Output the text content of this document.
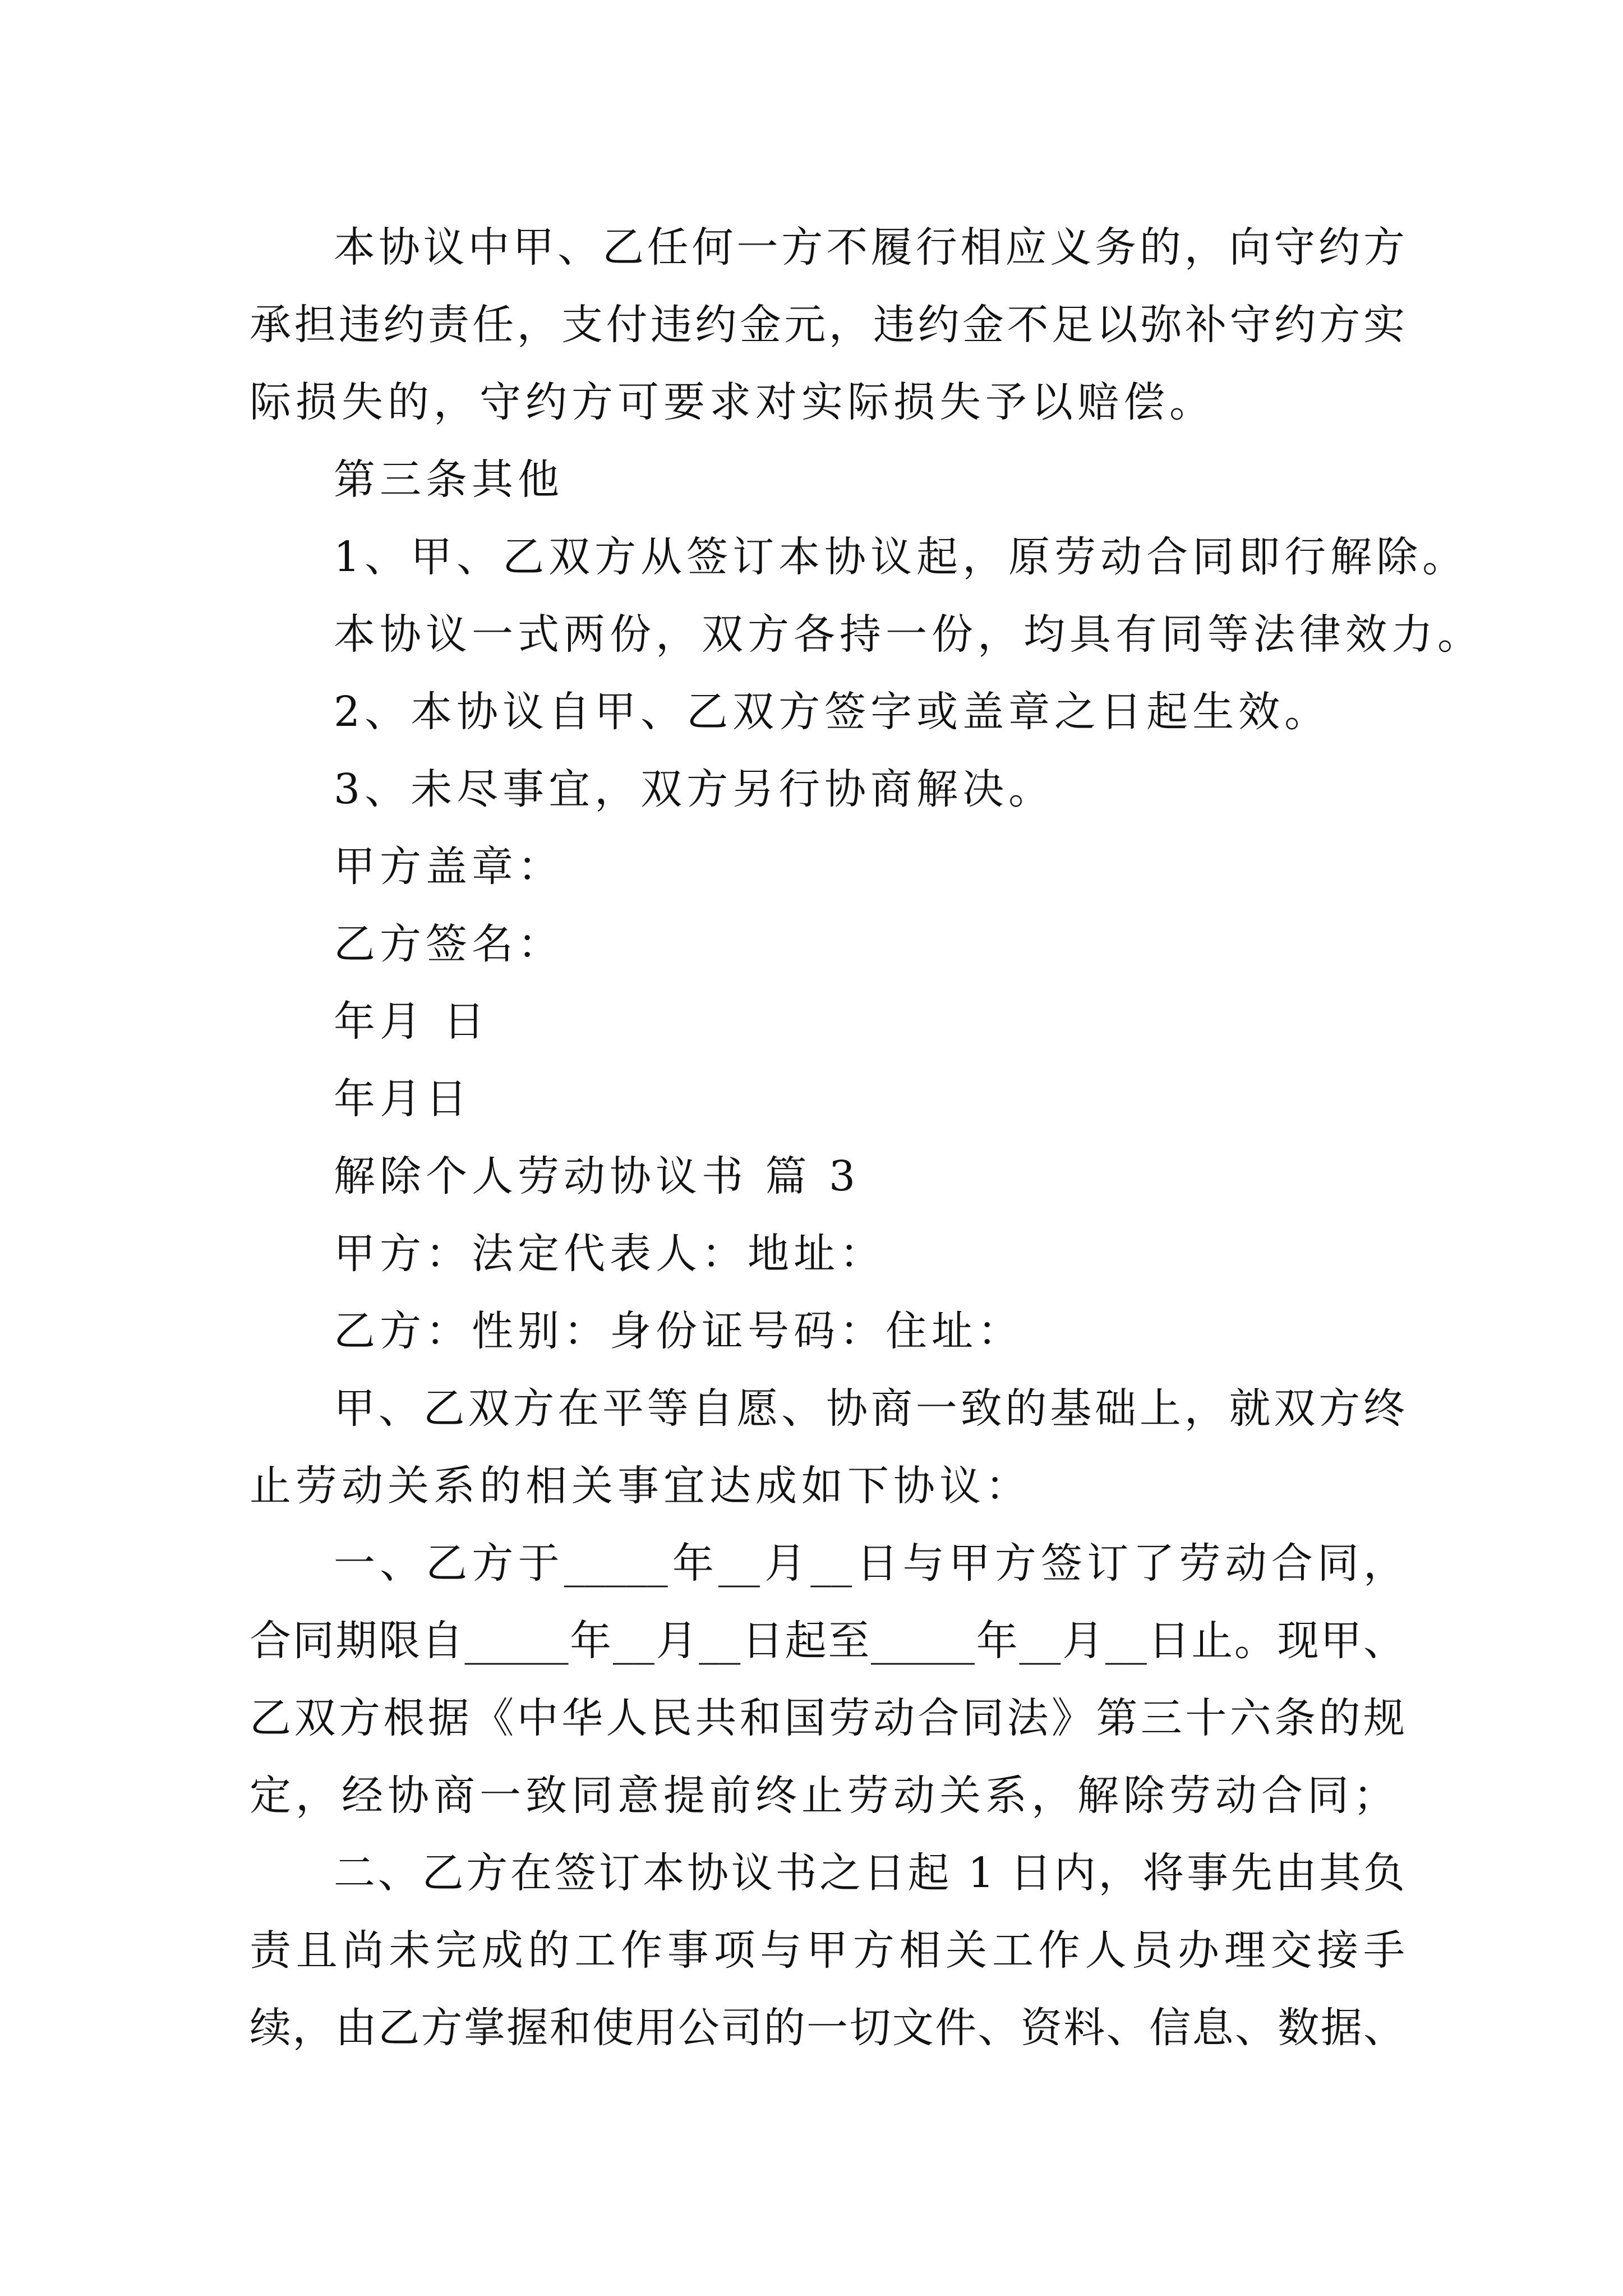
本协议中甲、乙任何一方不履行相应义务的，向守约方
承担违约责任，支付违约金元，违约金不足以弥补守约方实
际损失的，守约方可要求对实际损失予以赔偿。
第三条其他
1、甲、乙双方从签订本协议起，原劳动合同即行解除。
本协议一式两份，双方各持一份，均具有同等法律效力。
2、本协议自甲、乙双方签字或盖章之日起生效。
3、未尽事宜，双方另行协商解决。
甲方盖章：
乙方签名：
年月 日
年月日
解除个人劳动协议书 篇 3
甲方：法定代表人：地址：
乙方：性别：身份证号码：住址：
甲、乙双方在平等自愿、协商一致的基础上，就双方终
止劳动关系的相关事宜达成如下协议：
一、乙方于_____年__月__日与甲方签订了劳动合同，
合同期限自_____年__月__日起至_____年__月__日止。现甲、
乙双方根据《中华人民共和国劳动合同法》第三十六条的规
定，经协商一致同意提前终止劳动关系，解除劳动合同；
二、乙方在签订本协议书之日起 1 日内，将事先由其负
责且尚未完成的工作事项与甲方相关工作人员办理交接手
续，由乙方掌握和使用公司的一切文件、资料、信息、数据、
